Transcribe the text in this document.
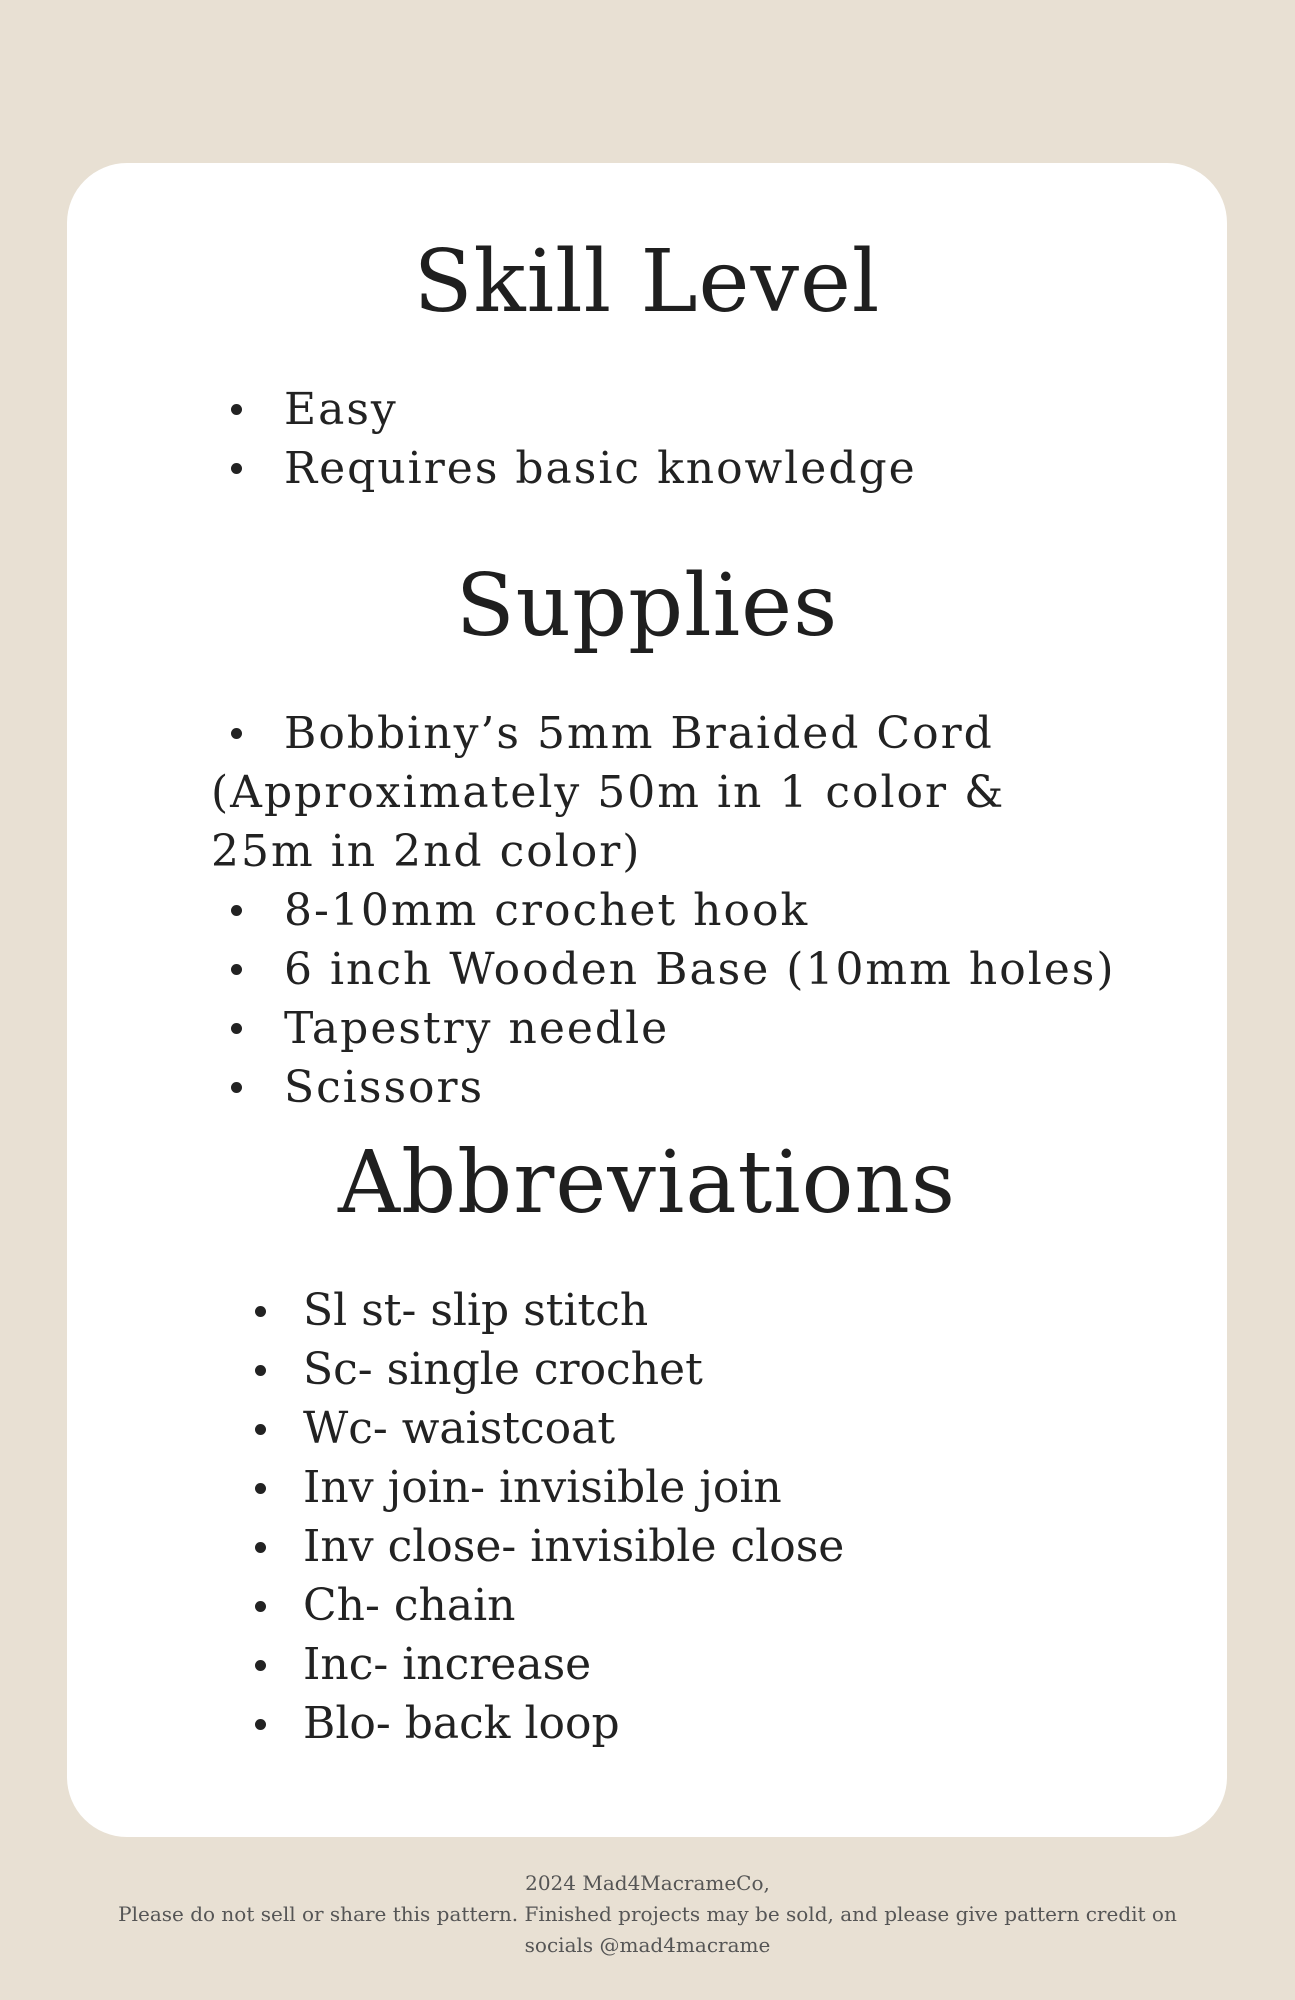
Skill Level
Easy
Requires basic knowledge
Supplies
Bobbiny’s 5mm Braided Cord (Approximately 50m in 1 color & 25m in 2nd color)
8-10mm crochet hook
6 inch Wooden Base (10mm holes)
Tapestry needle
Scissors
Abbreviations
Sl st- slip stitch
Sc- single crochet
Wc- waistcoat
Inv join- invisible join
Inv close- invisible close
Ch- chain
Inc- increase
Blo- back loop
2024 Mad4MacrameCo,
Please do not sell or share this pattern. Finished projects may be sold, and please give pattern credit on
socials @mad4macrame
